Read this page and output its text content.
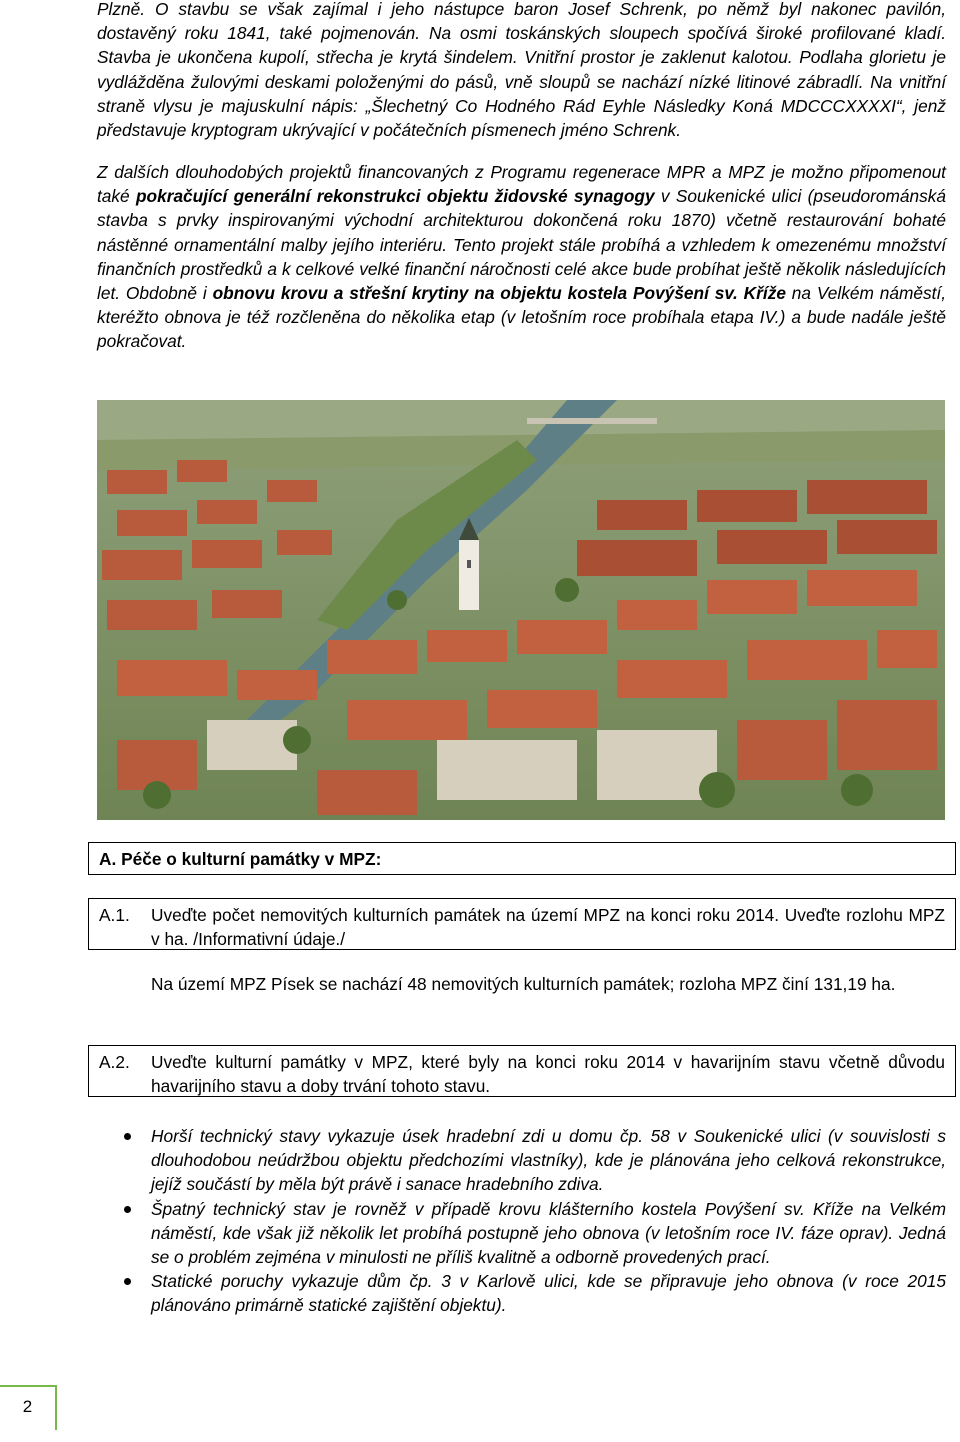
Plzně. O stavbu se však zajímal i jeho nástupce baron Josef Schrenk, po němž byl nakonec pavilón, dostavěný roku 1841, také pojmenován. Na osmi toskánských sloupech spočívá široké profilované kladí. Stavba je ukončena kupolí, střecha je krytá šindelem. Vnitřní prostor je zaklenut kalotou. Podlaha glorietu je vydlážděna žulovými deskami položenými do pásů, vně sloupů se nachází nízké litinové zábradlí. Na vnitřní straně vlysu je majuskulní nápis: „Šlechetný Co Hodného Rád Eyhle Následky Koná MDCCCXXXXI“, jenž představuje kryptogram ukrývající v počátečních písmenech jméno Schrenk.

Z dalších dlouhodobých projektů financovaných z Programu regenerace MPR a MPZ je možno připomenout také pokračující generální rekonstrukci objektu židovské synagogy v Soukenické ulici (pseudorománská stavba s prvky inspirovanými východní architekturou dokončená roku 1870) včetně restaurování bohaté nástěnné ornamentální malby jejího interiéru. Tento projekt stále probíhá a vzhledem k omezenému množství finančních prostředků a k celkové velké finanční náročnosti celé akce bude probíhat ještě několik následujících let. Obdobně i obnovu krovu a střešní krytiny na objektu kostela Povýšení sv. Kříže na Velkém náměstí, kteréžto obnova je též rozčleněna do několika etap (v letošním roce probíhala etapa IV.) a bude nadále ještě pokračovat.

A. Péče o kulturní památky v MPZ:
A.1.	Uveďte počet nemovitých kulturních památek na území MPZ na konci roku 2014. Uveďte rozlohu MPZ v ha. /Informativní údaje./

Na území MPZ Písek se nachází 48 nemovitých kulturních památek; rozloha MPZ činí 131,19 ha.

A.2.	Uveďte kulturní památky v MPZ, které byly na konci roku 2014 v havarijním stavu včetně důvodu havarijního stavu a doby trvání tohoto stavu.
Horší technický stavy vykazuje úsek hradební zdi u domu čp. 58 v Soukenické ulici (v souvislosti s dlouhodobou neúdržbou objektu předchozími vlastníky), kde je plánována jeho celková rekonstrukce, jejíž součástí by měla být právě i sanace hradebního zdiva.
Špatný technický stav je rovněž v případě krovu klášterního kostela Povýšení sv. Kříže na Velkém náměstí, kde však již několik let probíhá postupně jeho obnova (v letošním roce IV. fáze oprav). Jedná se o problém zejména v minulosti ne příliš kvalitně a odborně provedených prací.
Statické poruchy vykazuje dům čp. 3 v Karlově ulici, kde se připravuje jeho obnova (v roce 2015 plánováno primárně statické zajištění objektu).
2
